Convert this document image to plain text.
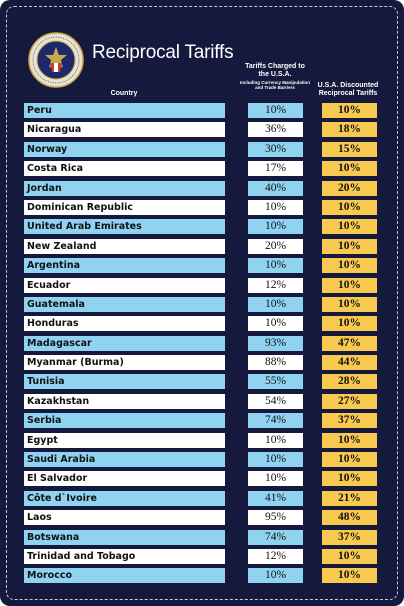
Reciprocal Tariffs
Country
Tariffs Charged to the U.S.A.
Including Currency Manipulation and Trade Barriers	U.S.A. Discounted Reciprocal Tariffs
Peru	10%	10%
Nicaragua	36%	18%
Norway	30%	15%
Costa Rica	17%	10%
Jordan	40%	20%
Dominican Republic	10%	10%
United Arab Emirates	10%	10%
New Zealand	20%	10%
Argentina	10%	10%
Ecuador	12%	10%
Guatemala	10%	10%
Honduras	10%	10%
Madagascar	93%	47%
Myanmar (Burma)	88%	44%
Tunisia	55%	28%
Kazakhstan	54%	27%
Serbia	74%	37%
Egypt	10%	10%
Saudi Arabia	10%	10%
El Salvador	10%	10%
Côte d`Ivoire	41%	21%
Laos	95%	48%
Botswana	74%	37%
Trinidad and Tobago	12%	10%
Morocco	10%	10%
